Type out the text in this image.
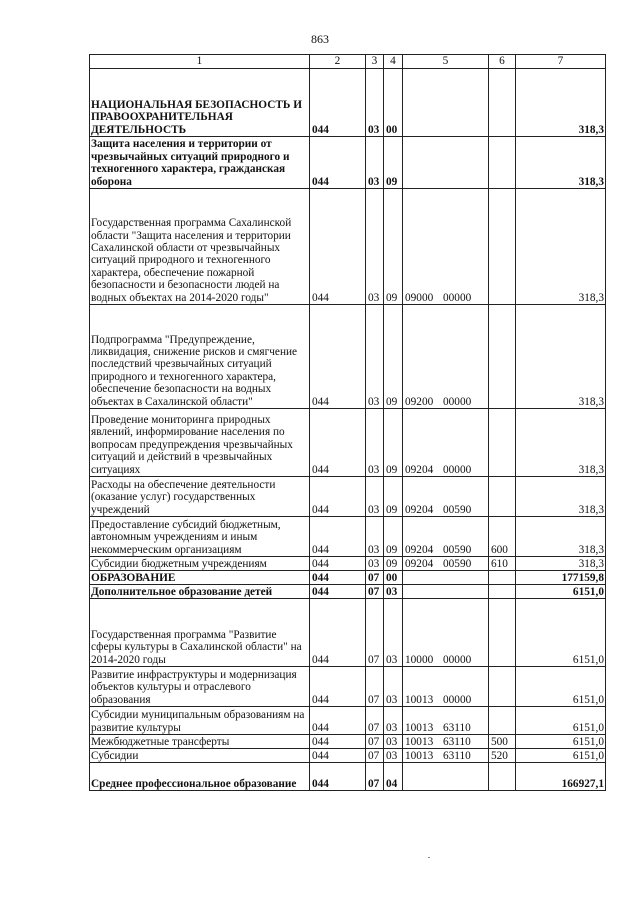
863
1	2	3	4	5	6	7
НАЦИОНАЛЬНАЯ БЕЗОПАСНОСТЬ И ПРАВООХРАНИТЕЛЬНАЯ ДЕЯТЕЛЬНОСТЬ	044	03	00			318,3
Защита населения и территории от чрезвычайных ситуаций природного и техногенного характера, гражданская оборона	044	03	09			318,3
Государственная программа Сахалинской области "Защита населения и территории Сахалинской области от чрезвычайных ситуаций природного и техногенного характера, обеспечение пожарной безопасности и безопасности людей на водных объектах на 2014-2020 годы"	044	03	09	09000 00000		318,3
Подпрограмма "Предупреждение, ликвидация, снижение рисков и смягчение последствий чрезвычайных ситуаций природного и техногенного характера, обеспечение безопасности на водных объектах в Сахалинской области"	044	03	09	09200 00000		318,3
Проведение мониторинга природных явлений, информирование населения по вопросам предупреждения чрезвычайных ситуаций и действий в чрезвычайных ситуациях	044	03	09	09204 00000		318,3
Расходы на обеспечение деятельности (оказание услуг) государственных учреждений	044	03	09	09204 00590		318,3
Предоставление субсидий бюджетным, автономным учреждениям и иным некоммерческим организациям	044	03	09	09204 00590	600	318,3
Субсидии бюджетным учреждениям	044	03	09	09204 00590	610	318,3
ОБРАЗОВАНИЕ	044	07	00			177159,8
Дополнительное образование детей	044	07	03			6151,0
Государственная программа "Развитие сферы культуры в Сахалинской области" на 2014-2020 годы	044	07	03	10000 00000		6151,0
Развитие инфраструктуры и модернизация объектов культуры и отраслевого образования	044	07	03	10013 00000		6151,0
Субсидии муниципальным образованиям на развитие культуры	044	07	03	10013 63110		6151,0
Межбюджетные трансферты	044	07	03	10013 63110	500	6151,0
Субсидии	044	07	03	10013 63110	520	6151,0
Среднее профессиональное образование	044	07	04			166927,1
